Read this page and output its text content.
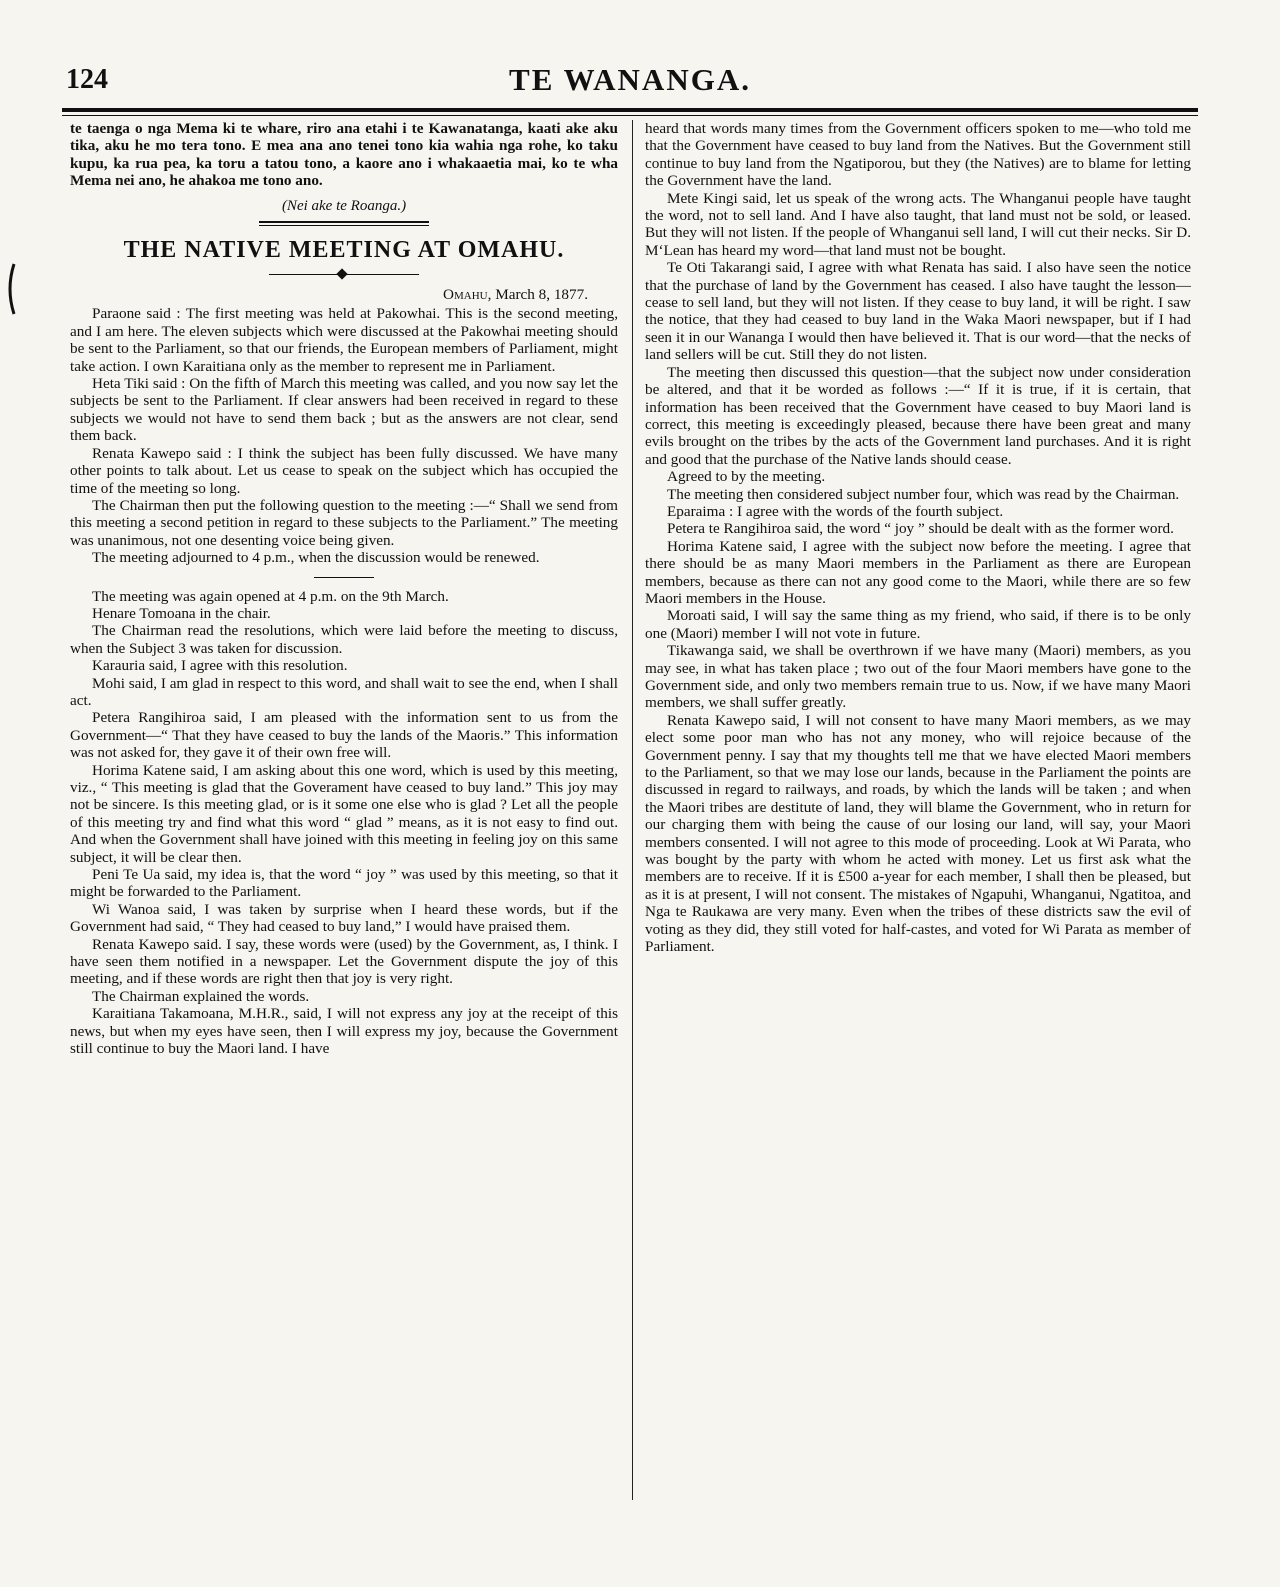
124	TE WANANGA.

te taenga o nga Mema ki te whare, riro ana etahi i te Kawanatanga, kaati ake aku tika, aku he mo tera tono. E mea ana ano tenei tono kia wahia nga rohe, ko taku kupu, ka rua pea, ka toru a tatou tono, a kaore ano i whakaaetia mai, ko te wha Mema nei ano, he ahakoa me tono ano.

(Nei ake te Roanga.)
THE NATIVE MEETING AT OMAHU.
Omahu, March 8, 1877.

Paraone said : The first meeting was held at Pakowhai. This is the second meeting, and I am here. The eleven subjects which were discussed at the Pakowhai meeting should be sent to the Parliament, so that our friends, the European members of Parliament, might take action. I own Karaitiana only as the member to represent me in Parliament.

Heta Tiki said : On the fifth of March this meeting was called, and you now say let the subjects be sent to the Parliament. If clear answers had been received in regard to these subjects we would not have to send them back ; but as the answers are not clear, send them back.

Renata Kawepo said : I think the subject has been fully discussed. We have many other points to talk about. Let us cease to speak on the subject which has occupied the time of the meeting so long.

The Chairman then put the following question to the meeting :—“ Shall we send from this meeting a second petition in regard to these subjects to the Parliament.” The meeting was unanimous, not one desenting voice being given.

The meeting adjourned to 4 p.m., when the discussion would be renewed.

The meeting was again opened at 4 p.m. on the 9th March.

Henare Tomoana in the chair.

The Chairman read the resolutions, which were laid before the meeting to discuss, when the Subject 3 was taken for discussion.

Karauria said, I agree with this resolution.

Mohi said, I am glad in respect to this word, and shall wait to see the end, when I shall act.

Petera Rangihiroa said, I am pleased with the information sent to us from the Government—“ That they have ceased to buy the lands of the Maoris.” This information was not asked for, they gave it of their own free will.

Horima Katene said, I am asking about this one word, which is used by this meeting, viz., “ This meeting is glad that the Goverament have ceased to buy land.” This joy may not be sincere. Is this meeting glad, or is it some one else who is glad ? Let all the people of this meeting try and find what this word “ glad ” means, as it is not easy to find out. And when the Government shall have joined with this meeting in feeling joy on this same subject, it will be clear then.

Peni Te Ua said, my idea is, that the word “ joy ” was used by this meeting, so that it might be forwarded to the Parliament.

Wi Wanoa said, I was taken by surprise when I heard these words, but if the Government had said, “ They had ceased to buy land,” I would have praised them.

Renata Kawepo said. I say, these words were (used) by the Government, as, I think. I have seen them notified in a newspaper. Let the Government dispute the joy of this meeting, and if these words are right then that joy is very right.

The Chairman explained the words.

Karaitiana Takamoana, M.H.R., said, I will not express any joy at the receipt of this news, but when my eyes have seen, then I will express my joy, because the Government still continue to buy the Maori land. I have

heard that words many times from the Government officers spoken to me—who told me that the Government have ceased to buy land from the Natives. But the Government still continue to buy land from the Ngatiporou, but they (the Natives) are to blame for letting the Government have the land.

Mete Kingi said, let us speak of the wrong acts. The Whanganui people have taught the word, not to sell land. And I have also taught, that land must not be sold, or leased. But they will not listen. If the people of Whanganui sell land, I will cut their necks. Sir D. M‘Lean has heard my word—that land must not be bought.

Te Oti Takarangi said, I agree with what Renata has said. I also have seen the notice that the purchase of land by the Government has ceased. I also have taught the lesson—cease to sell land, but they will not listen. If they cease to buy land, it will be right. I saw the notice, that they had ceased to buy land in the Waka Maori newspaper, but if I had seen it in our Wananga I would then have believed it. That is our word—that the necks of land sellers will be cut. Still they do not listen.

The meeting then discussed this question—that the subject now under consideration be altered, and that it be worded as follows :—“ If it is true, if it is certain, that information has been received that the Government have ceased to buy Maori land is correct, this meeting is exceedingly pleased, because there have been great and many evils brought on the tribes by the acts of the Government land purchases. And it is right and good that the purchase of the Native lands should cease.

Agreed to by the meeting.

The meeting then considered subject number four, which was read by the Chairman.

Eparaima : I agree with the words of the fourth subject.

Petera te Rangihiroa said, the word “ joy ” should be dealt with as the former word.

Horima Katene said, I agree with the subject now before the meeting. I agree that there should be as many Maori members in the Parliament as there are European members, because as there can not any good come to the Maori, while there are so few Maori members in the House.

Moroati said, I will say the same thing as my friend, who said, if there is to be only one (Maori) member I will not vote in future.

Tikawanga said, we shall be overthrown if we have many (Maori) members, as you may see, in what has taken place ; two out of the four Maori members have gone to the Government side, and only two members remain true to us. Now, if we have many Maori members, we shall suffer greatly.

Renata Kawepo said, I will not consent to have many Maori members, as we may elect some poor man who has not any money, who will rejoice because of the Government penny. I say that my thoughts tell me that we have elected Maori members to the Parliament, so that we may lose our lands, because in the Parliament the points are discussed in regard to railways, and roads, by which the lands will be taken ; and when the Maori tribes are destitute of land, they will blame the Government, who in return for our charging them with being the cause of our losing our land, will say, your Maori members consented. I will not agree to this mode of proceeding. Look at Wi Parata, who was bought by the party with whom he acted with money. Let us first ask what the members are to receive. If it is £500 a-year for each member, I shall then be pleased, but as it is at present, I will not consent. The mistakes of Ngapuhi, Whanganui, Ngatitoa, and Nga te Raukawa are very many. Even when the tribes of these districts saw the evil of voting as they did, they still voted for half-castes, and voted for Wi Parata as member of Parliament.
